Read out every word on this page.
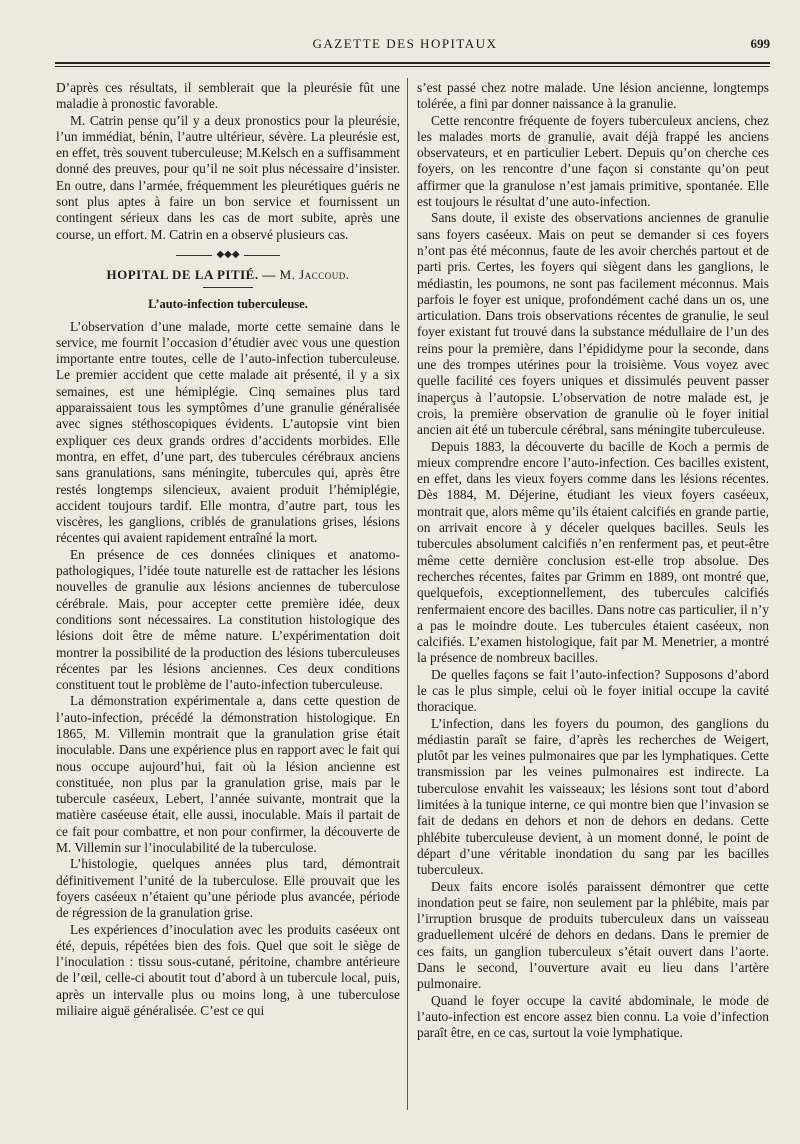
GAZETTE DES HOPITAUX	699

D’après ces résultats, il semblerait que la pleurésie fût une maladie à pronostic favorable.

M. Catrin pense qu’il y a deux pronostics pour la pleurésie, l’un immédiat, bénin, l’autre ultérieur, sévère. La pleurésie est, en effet, très souvent tuberculeuse; M.Kelsch en a suffisamment donné des preuves, pour qu’il ne soit plus nécessaire d’insister. En outre, dans l’armée, fréquemment les pleurétiques guéris ne sont plus aptes à faire un bon service et fournissent un contingent sérieux dans les cas de mort subite, après une course, un effort. M. Catrin en a observé plusieurs cas.

◆◆◆
HOPITAL DE LA PITIÉ. — M. Jaccoud.
L’auto-infection tuberculeuse.

L’observation d’une malade, morte cette semaine dans le service, me fournit l’occasion d’étudier avec vous une question importante entre toutes, celle de l’auto-infection tuberculeuse. Le premier accident que cette malade ait présenté, il y a six semaines, est une hémiplégie. Cinq semaines plus tard apparaissaient tous les symptômes d’une granulie généralisée avec signes stéthoscopiques évidents. L’autopsie vint bien expliquer ces deux grands ordres d’accidents morbides. Elle montra, en effet, d’une part, des tubercules cérébraux anciens sans granulations, sans méningite, tubercules qui, après être restés longtemps silencieux, avaient produit l’hémiplégie, accident toujours tardif. Elle montra, d’autre part, tous les viscères, les ganglions, criblés de granulations grises, lésions récentes qui avaient rapidement entraîné la mort.

En présence de ces données cliniques et anatomo-pathologiques, l’idée toute naturelle est de rattacher les lésions nouvelles de granulie aux lésions anciennes de tuberculose cérébrale. Mais, pour accepter cette première idée, deux conditions sont nécessaires. La constitution histologique des lésions doit être de même nature. L’expérimentation doit montrer la possibilité de la production des lésions tuberculeuses récentes par les lésions anciennes. Ces deux conditions constituent tout le problème de l’auto-infection tuberculeuse.

La démonstration expérimentale a, dans cette question de l’auto-infection, précédé la démonstration histologique. En 1865, M. Villemin montrait que la granulation grise était inoculable. Dans une expérience plus en rapport avec le fait qui nous occupe aujourd’hui, fait où la lésion ancienne est constituée, non plus par la granulation grise, mais par le tubercule caséeux, Lebert, l’année suivante, montrait que la matière caséeuse était, elle aussi, inoculable. Mais il partait de ce fait pour combattre, et non pour confirmer, la découverte de M. Villemin sur l’inoculabilité de la tuberculose.

L’histologie, quelques années plus tard, démontrait définitivement l’unité de la tuberculose. Elle prouvait que les foyers caséeux n’étaient qu’une période plus avancée, période de régression de la granulation grise.

Les expériences d’inoculation avec les produits caséeux ont été, depuis, répétées bien des fois. Quel que soit le siège de l’inoculation : tissu sous-cutané, péritoine, chambre antérieure de l’œil, celle-ci aboutit tout d’abord à un tubercule local, puis, après un intervalle plus ou moins long, à une tuberculose miliaire aiguë généralisée. C’est ce qui

s’est passé chez notre malade. Une lésion ancienne, longtemps tolérée, a fini par donner naissance à la granulie.

Cette rencontre fréquente de foyers tuberculeux anciens, chez les malades morts de granulie, avait déjà frappé les anciens observateurs, et en particulier Lebert. Depuis qu’on cherche ces foyers, on les rencontre d’une façon si constante qu’on peut affirmer que la granulose n’est jamais primitive, spontanée. Elle est toujours le résultat d’une auto-infection.

Sans doute, il existe des observations anciennes de granulie sans foyers caséeux. Mais on peut se demander si ces foyers n’ont pas été méconnus, faute de les avoir cherchés partout et de parti pris. Certes, les foyers qui siègent dans les ganglions, le médiastin, les poumons, ne sont pas facilement méconnus. Mais parfois le foyer est unique, profondément caché dans un os, une articulation. Dans trois observations récentes de granulie, le seul foyer existant fut trouvé dans la substance médullaire de l’un des reins pour la première, dans l’épididyme pour la seconde, dans une des trompes utérines pour la troisième. Vous voyez avec quelle facilité ces foyers uniques et dissimulés peuvent passer inaperçus à l’autopsie. L’observation de notre malade est, je crois, la première observation de granulie où le foyer initial ancien ait été un tubercule cérébral, sans méningite tuberculeuse.

Depuis 1883, la découverte du bacille de Koch a permis de mieux comprendre encore l’auto-infection. Ces bacilles existent, en effet, dans les vieux foyers comme dans les lésions récentes. Dès 1884, M. Déjerine, étudiant les vieux foyers caséeux, montrait que, alors même qu’ils étaient calcifiés en grande partie, on arrivait encore à y déceler quelques bacilles. Seuls les tubercules absolument calcifiés n’en renferment pas, et peut-être même cette dernière conclusion est-elle trop absolue. Des recherches récentes, faites par Grimm en 1889, ont montré que, quelquefois, exceptionnellement, des tubercules calcifiés renfermaient encore des bacilles. Dans notre cas particulier, il n’y a pas le moindre doute. Les tubercules étaient caséeux, non calcifiés. L’examen histologique, fait par M. Menetrier, a montré la présence de nombreux bacilles.

De quelles façons se fait l’auto-infection? Supposons d’abord le cas le plus simple, celui où le foyer initial occupe la cavité thoracique.

L’infection, dans les foyers du poumon, des ganglions du médiastin paraît se faire, d’après les recherches de Weigert, plutôt par les veines pulmonaires que par les lymphatiques. Cette transmission par les veines pulmonaires est indirecte. La tuberculose envahit les vaisseaux; les lésions sont tout d’abord limitées à la tunique interne, ce qui montre bien que l’invasion se fait de dedans en dehors et non de dehors en dedans. Cette phlébite tuberculeuse devient, à un moment donné, le point de départ d’une véritable inondation du sang par les bacilles tuberculeux.

Deux faits encore isolés paraissent démontrer que cette inondation peut se faire, non seulement par la phlébite, mais par l’irruption brusque de produits tuberculeux dans un vaisseau graduellement ulcéré de dehors en dedans. Dans le premier de ces faits, un ganglion tuberculeux s’était ouvert dans l’aorte. Dans le second, l’ouverture avait eu lieu dans l’artère pulmonaire.

Quand le foyer occupe la cavité abdominale, le mode de l’auto-infection est encore assez bien connu. La voie d’infection paraît être, en ce cas, surtout la voie lymphatique.
